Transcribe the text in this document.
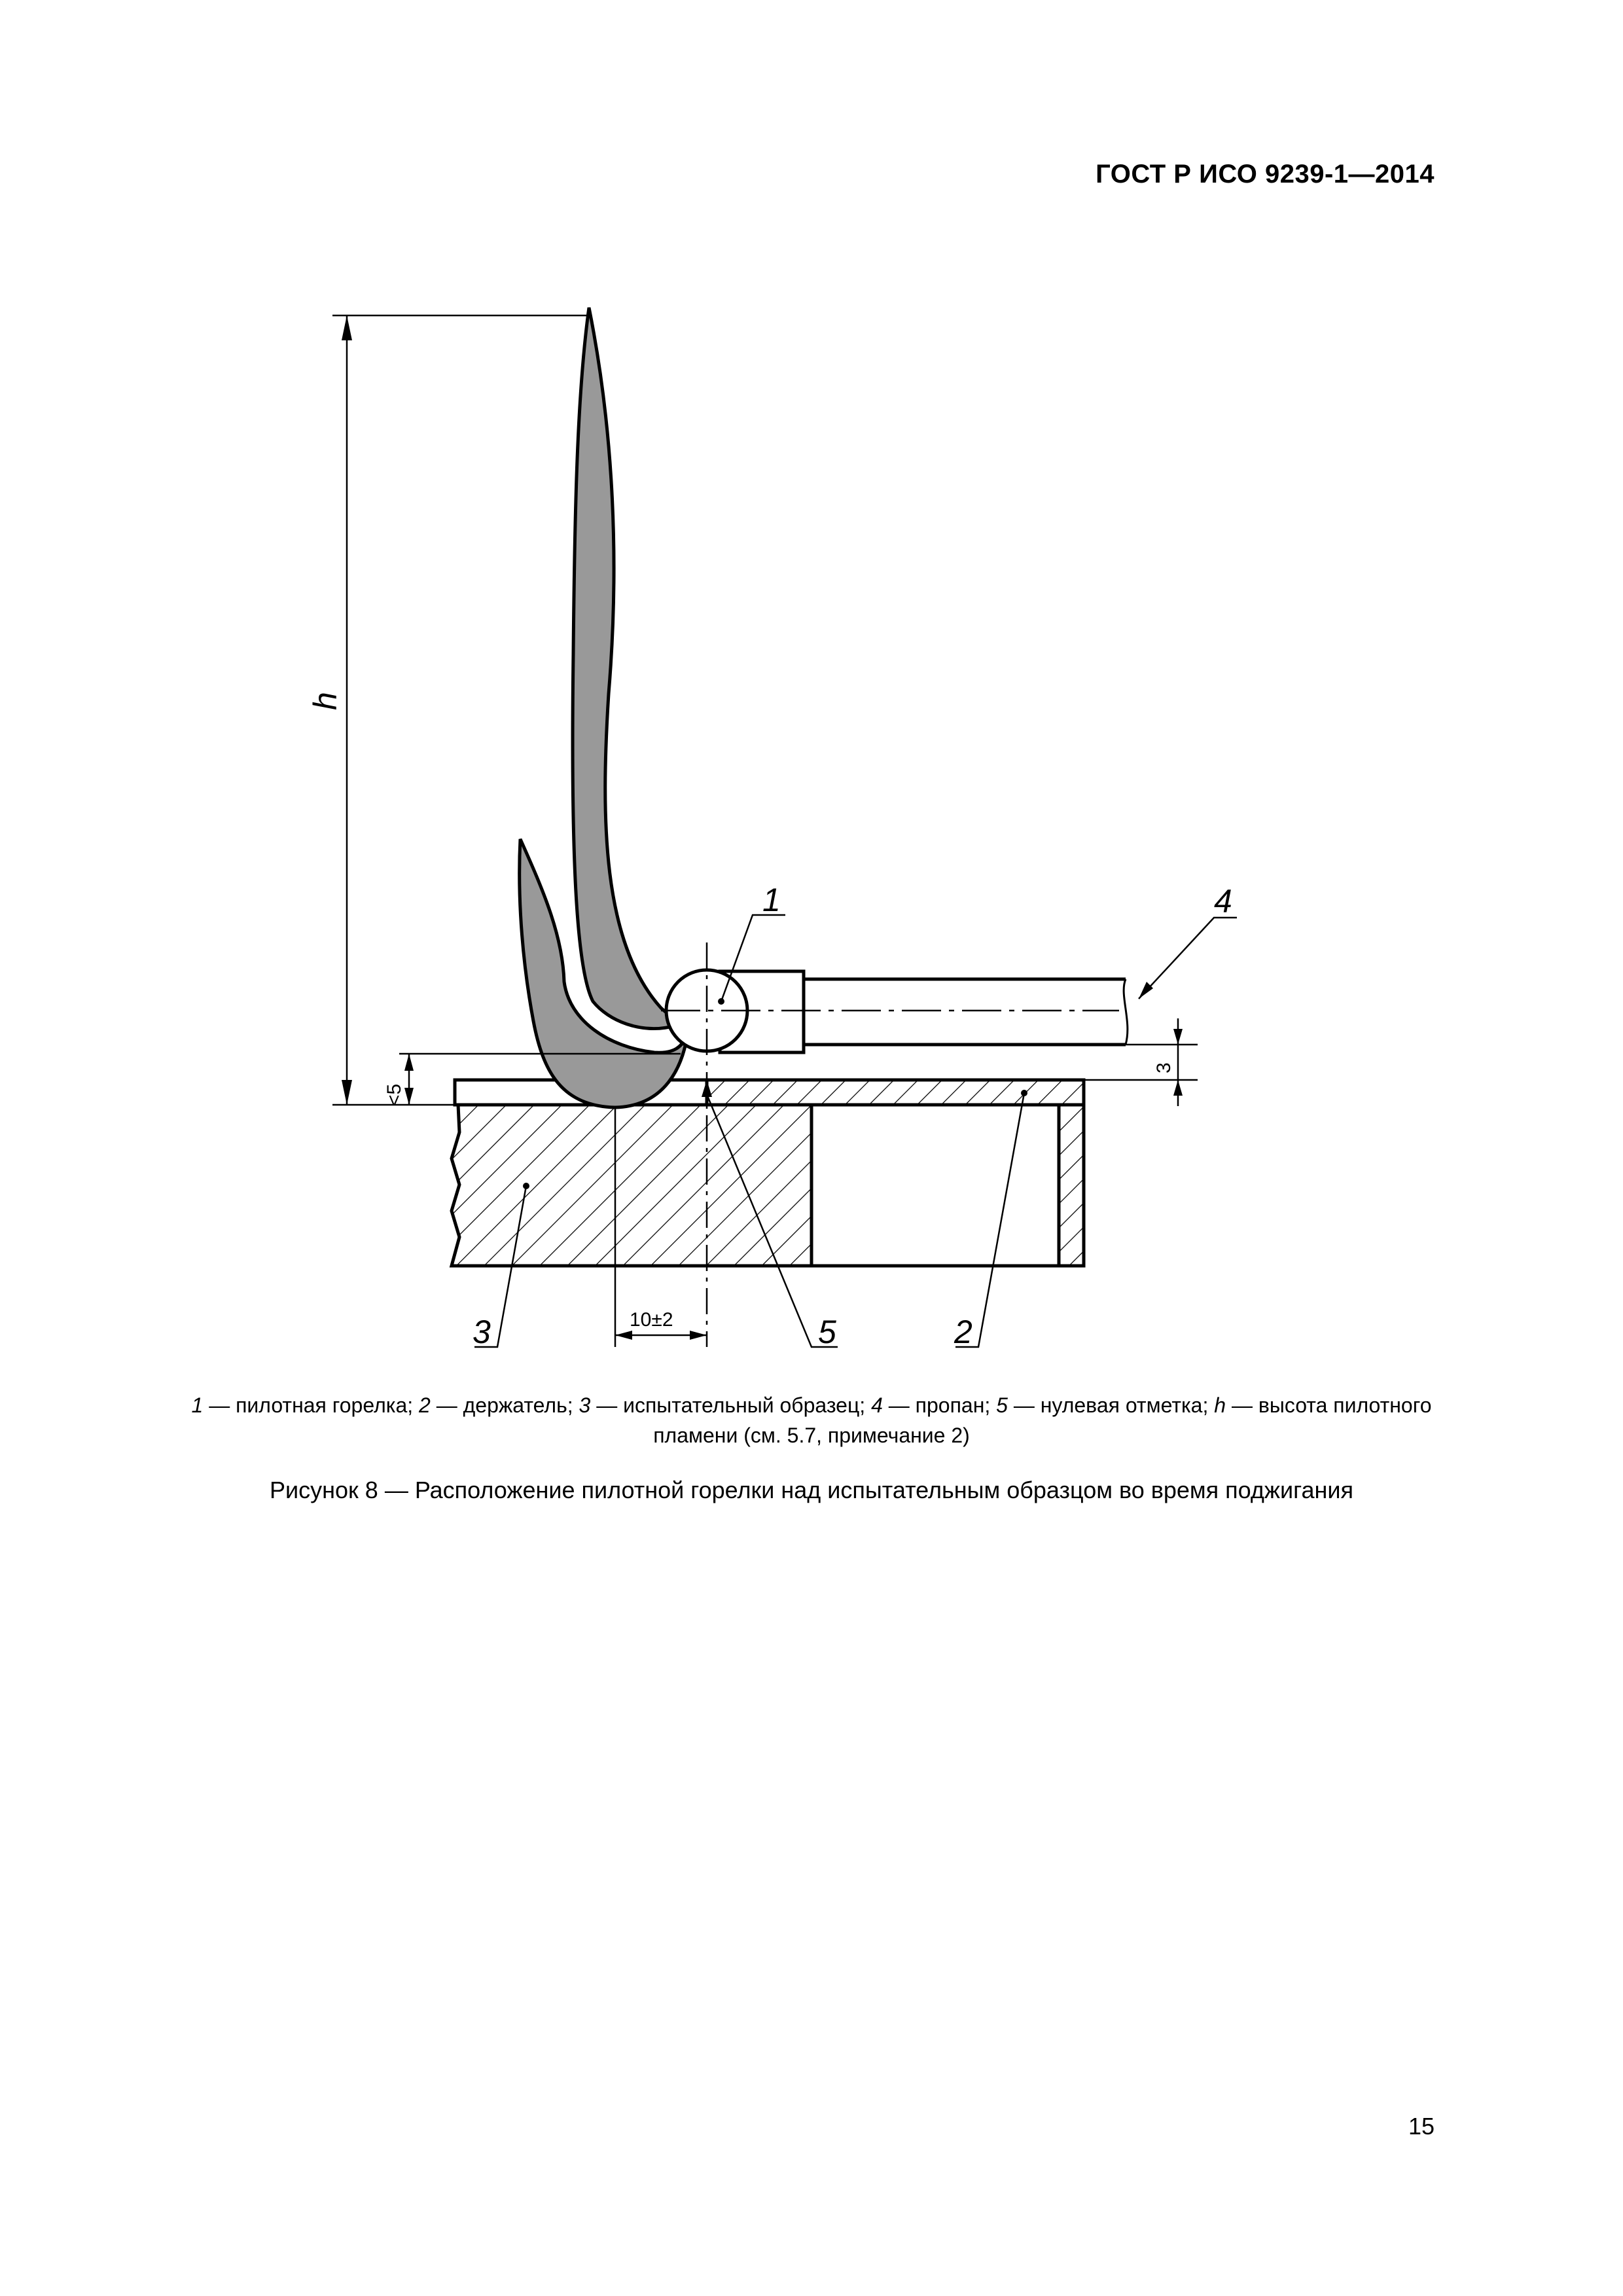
ГОСТ Р ИСО 9239-1—2014
h
<5
3
10±2
1	4
3	5	2
1 — пилотная горелка; 2 — держатель; 3 — испытательный образец; 4 — пропан; 5 — нулевая отметка; h — высота пилотного
пламени (см. 5.7, примечание 2)
Рисунок 8 — Расположение пилотной горелки над испытательным образцом во время поджигания
15
